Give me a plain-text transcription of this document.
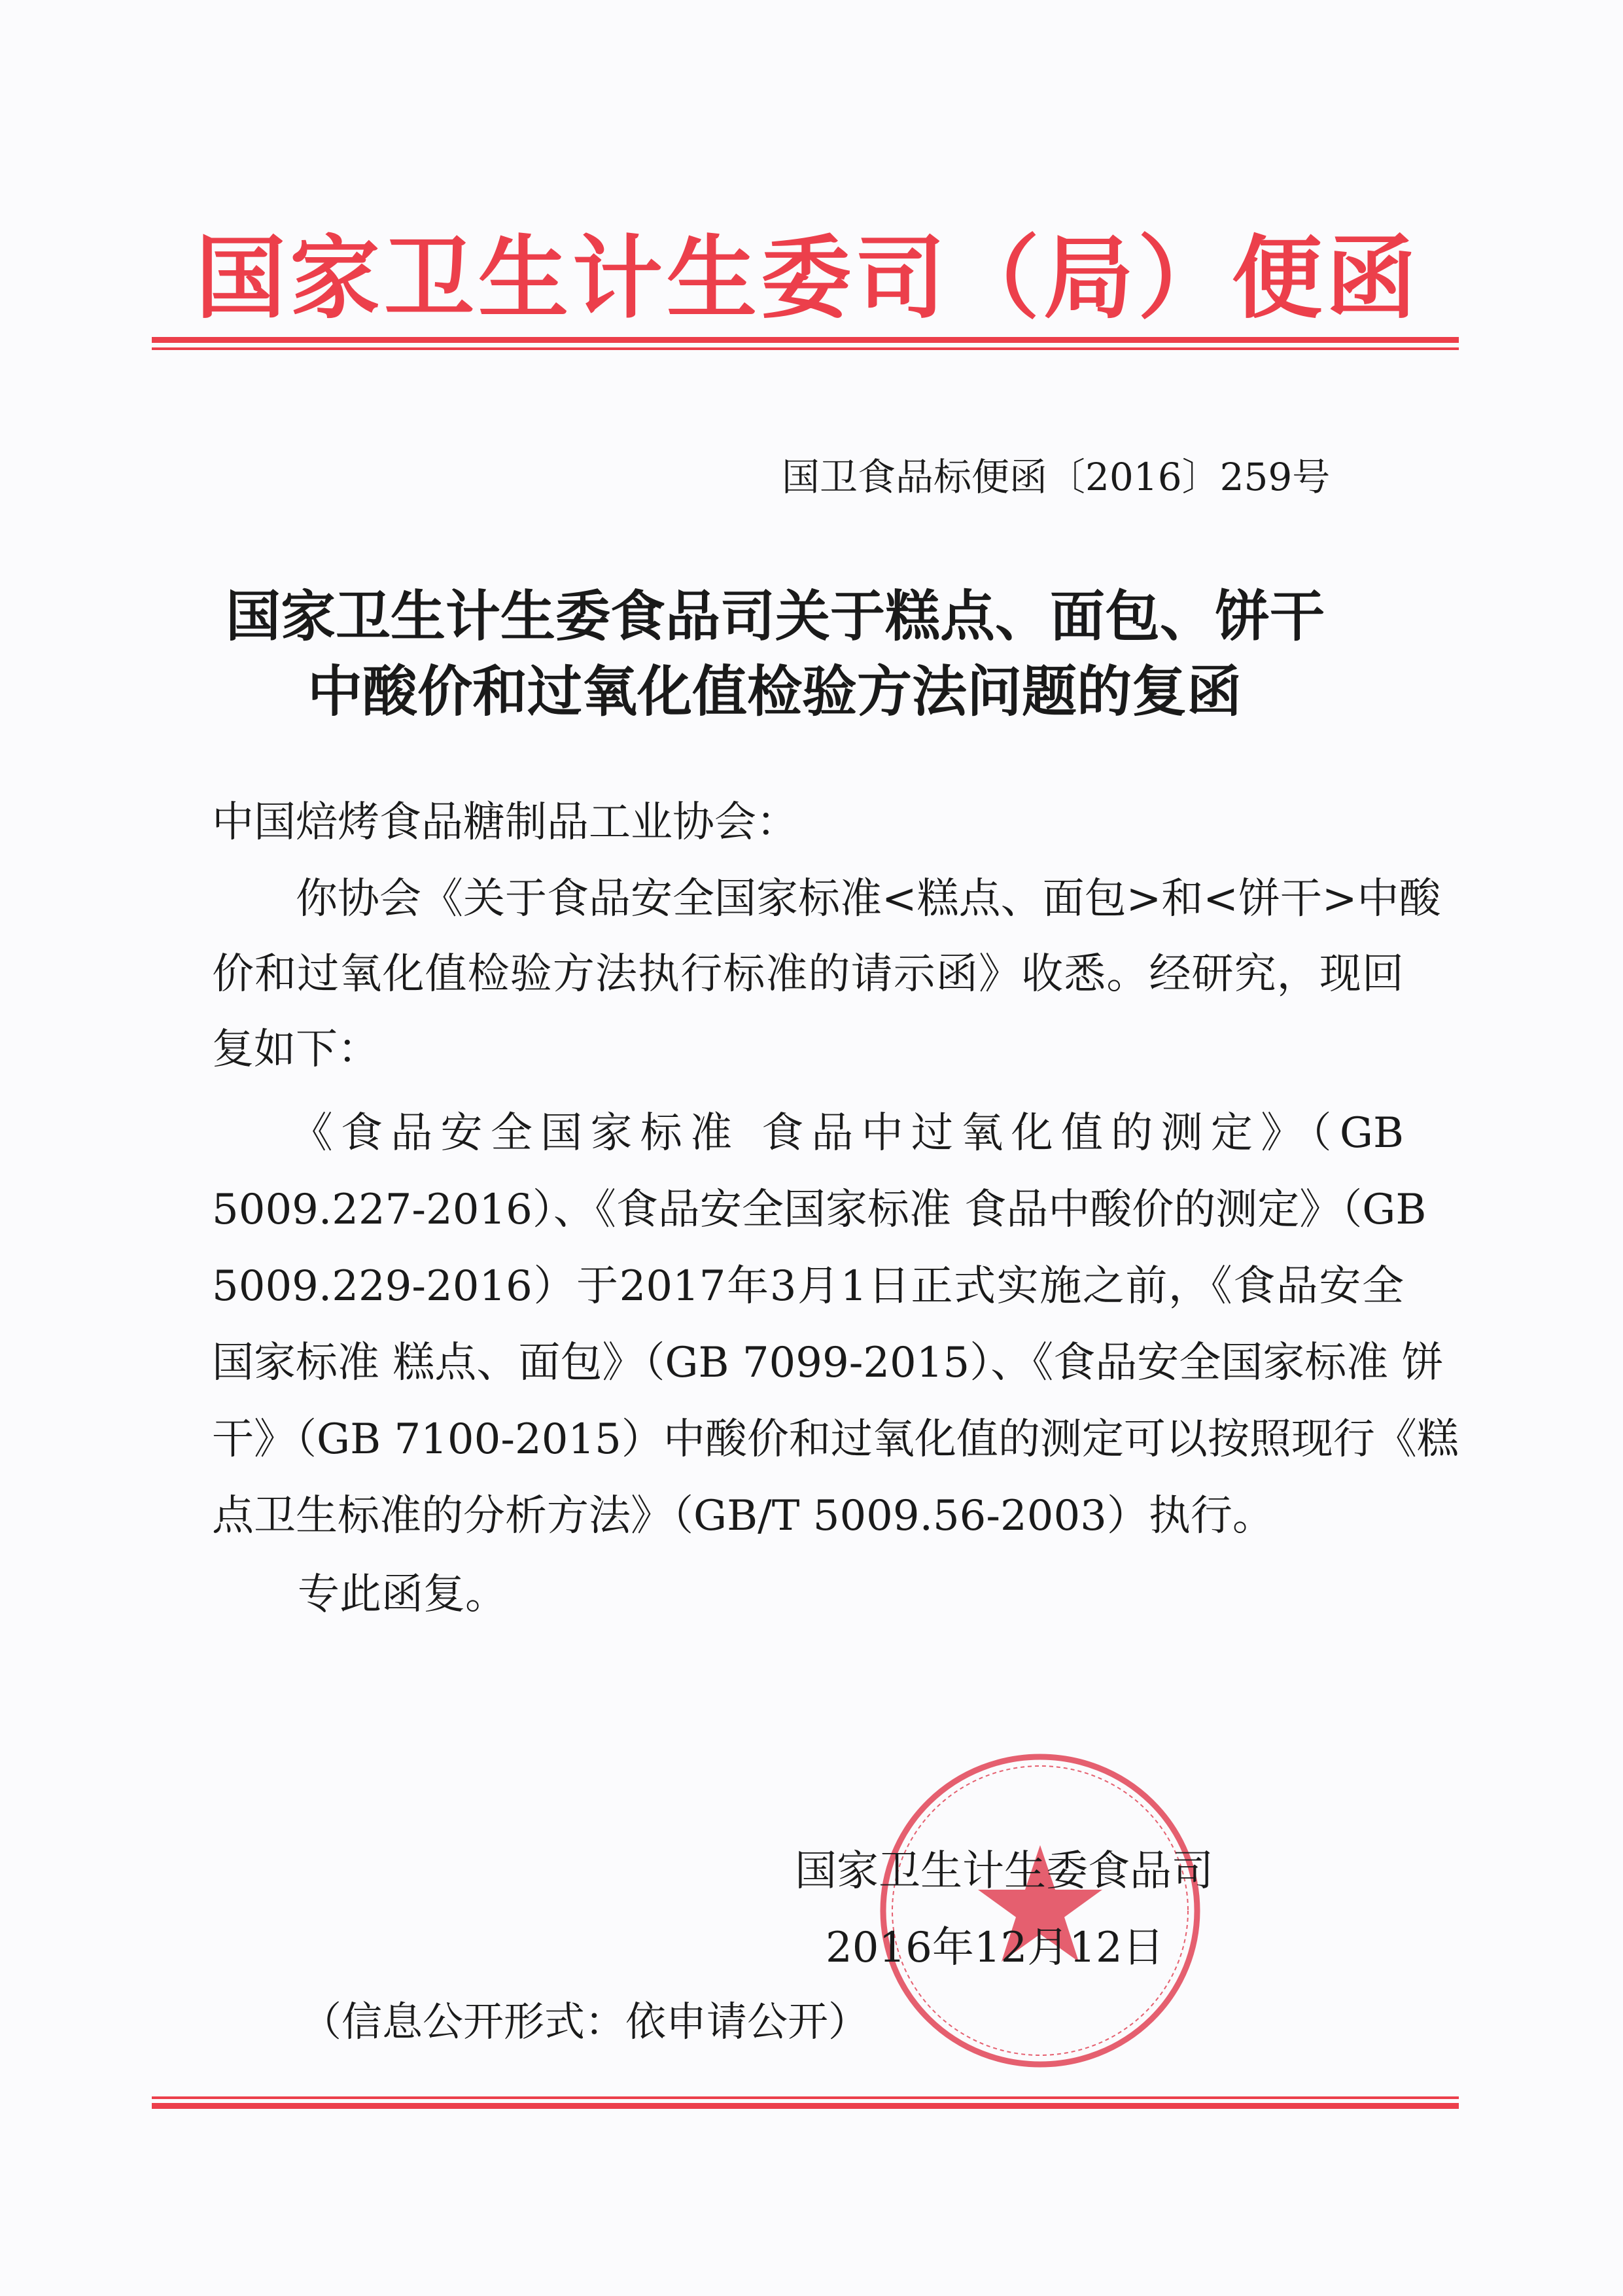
国家卫生计生委司（局）便函
国卫食品标便函〔2016〕259号
国家卫生计生委食品司关于糕点、面包、饼干
中酸价和过氧化值检验方法问题的复函
中国焙烤食品糖制品工业协会：
　　你协会《关于食品安全国家标准<糕点、面包>和<饼干>中酸
价和过氧化值检验方法执行标准的请示函》收悉。经研究，现回
复如下：
　　《食品安全国家标准 食品中过氧化值的测定》（GB
5009.227-2016）、《食品安全国家标准 食品中酸价的测定》（GB
5009.229-2016）于2017年3月1日正式实施之前，《食品安全
国家标准 糕点、面包》（GB 7099-2015）、《食品安全国家标准 饼
干》（GB 7100-2015）中酸价和过氧化值的测定可以按照现行《糕
点卫生标准的分析方法》（GB/T 5009.56-2003）执行。
专此函复。
国家卫生计生委食品司
2016年12月12日
（信息公开形式：依申请公开）
